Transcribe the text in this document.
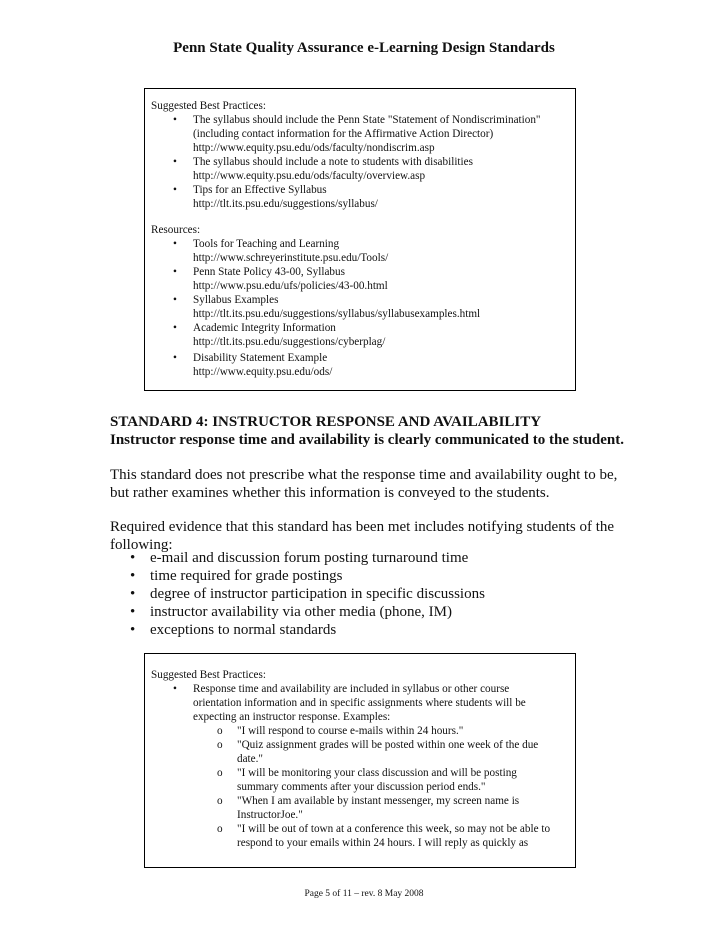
Penn State Quality Assurance e-Learning Design Standards
Suggested Best Practices:
• The syllabus should include the Penn State "Statement of Nondiscrimination"
(including contact information for the Affirmative Action Director)
http://www.equity.psu.edu/ods/faculty/nondiscrim.asp
• The syllabus should include a note to students with disabilities
http://www.equity.psu.edu/ods/faculty/overview.asp
• Tips for an Effective Syllabus
http://tlt.its.psu.edu/suggestions/syllabus/
Resources:
• Tools for Teaching and Learning
http://www.schreyerinstitute.psu.edu/Tools/
• Penn State Policy 43-00, Syllabus
http://www.psu.edu/ufs/policies/43-00.html
• Syllabus Examples
http://tlt.its.psu.edu/suggestions/syllabus/syllabusexamples.html
• Academic Integrity Information
http://tlt.its.psu.edu/suggestions/cyberplag/
• Disability Statement Example
http://www.equity.psu.edu/ods/
STANDARD 4: INSTRUCTOR RESPONSE AND AVAILABILITY
Instructor response time and availability is clearly communicated to the student.
This standard does not prescribe what the response time and availability ought to be, but rather examines whether this information is conveyed to the students.
Required evidence that this standard has been met includes notifying students of the following:
• e-mail and discussion forum posting turnaround time
• time required for grade postings
• degree of instructor participation in specific discussions
• instructor availability via other media (phone, IM)
• exceptions to normal standards
Suggested Best Practices:
• Response time and availability are included in syllabus or other course
orientation information and in specific assignments where students will be
expecting an instructor response. Examples:
o "I will respond to course e-mails within 24 hours."
o "Quiz assignment grades will be posted within one week of the due
date."
o "I will be monitoring your class discussion and will be posting
summary comments after your discussion period ends."
o "When I am available by instant messenger, my screen name is
InstructorJoe."
o "I will be out of town at a conference this week, so may not be able to
respond to your emails within 24 hours. I will reply as quickly as
Page 5 of 11 – rev. 8 May 2008
